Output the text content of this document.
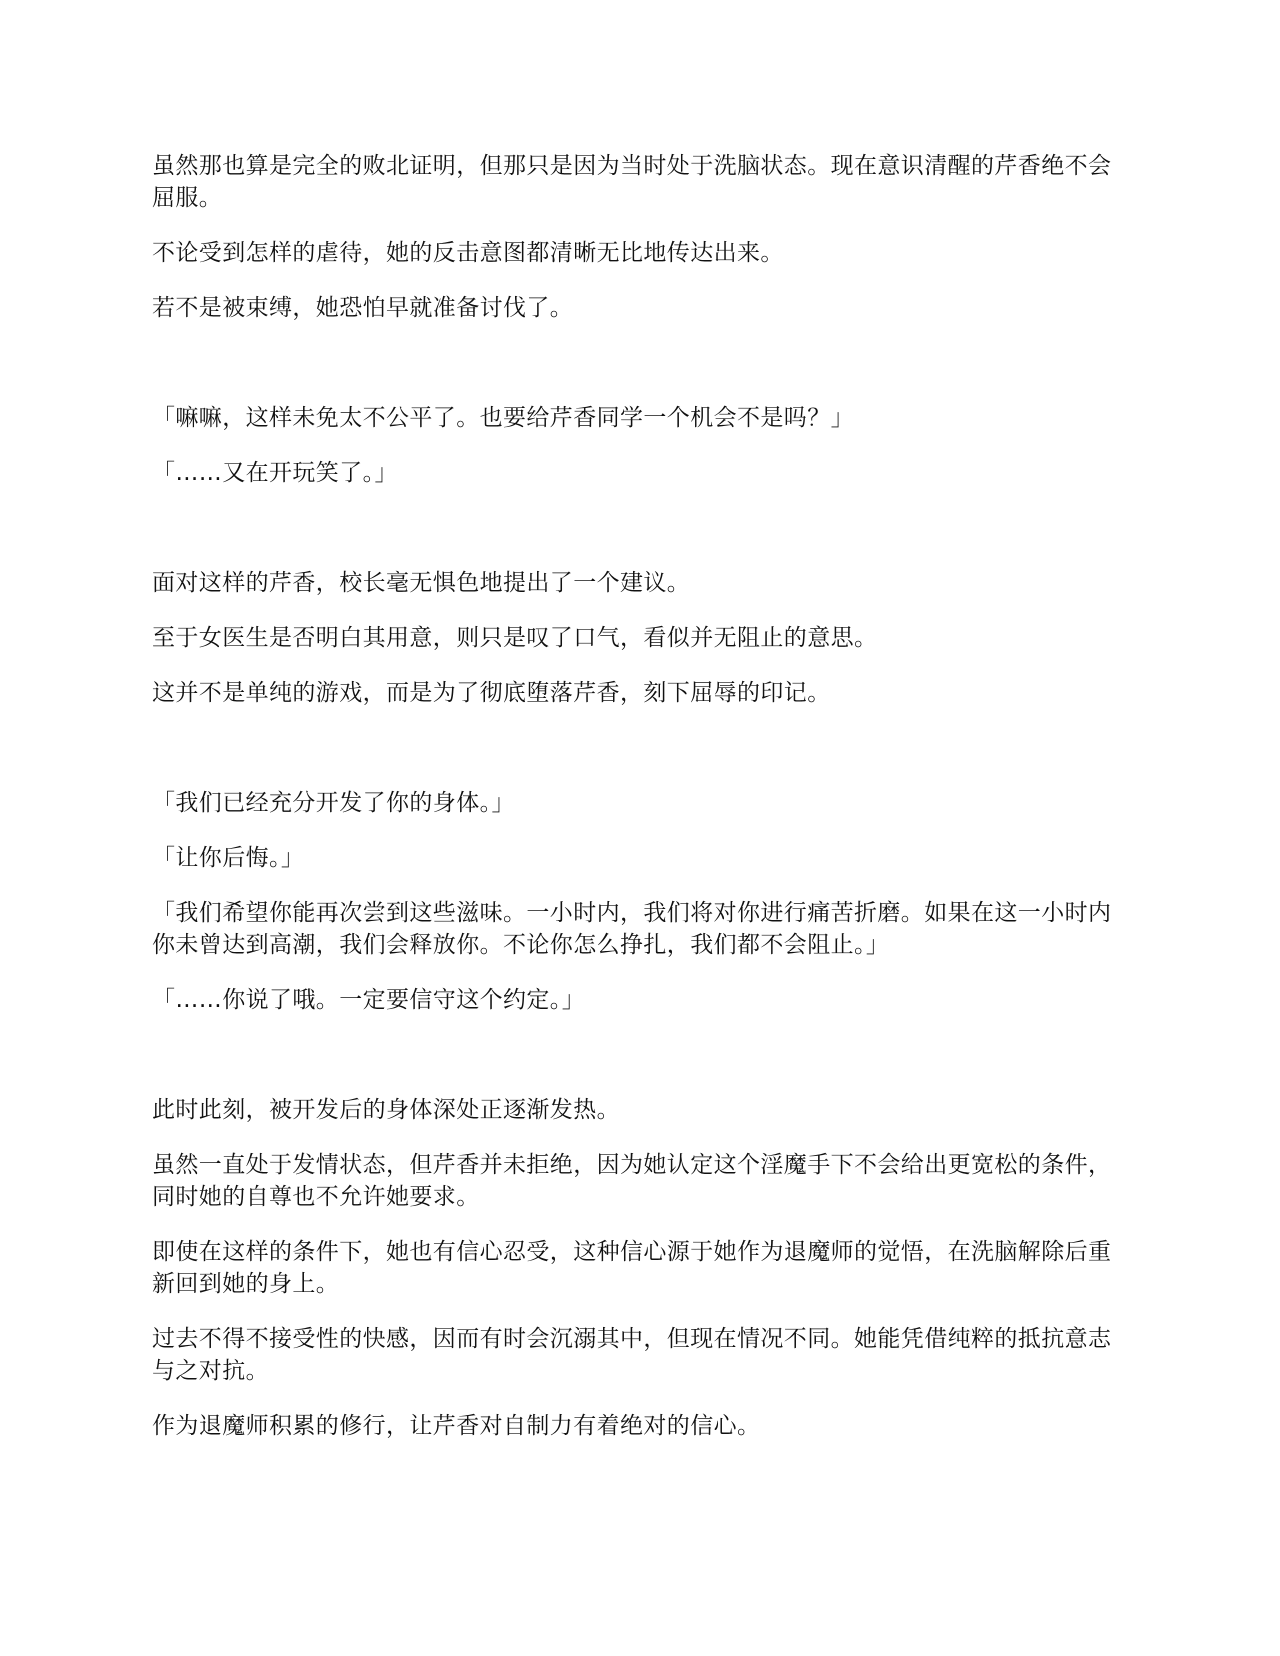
虽然那也算是完全的败北证明，但那只是因为当时处于洗脑状态。现在意识清醒的芹香绝不会屈服。

不论受到怎样的虐待，她的反击意图都清晰无比地传达出来。

若不是被束缚，她恐怕早就准备讨伐了。

「嘛嘛，这样未免太不公平了。也要给芹香同学一个机会不是吗？」

「……又在开玩笑了。」

面对这样的芹香，校长毫无惧色地提出了一个建议。

至于女医生是否明白其用意，则只是叹了口气，看似并无阻止的意思。

这并不是单纯的游戏，而是为了彻底堕落芹香，刻下屈辱的印记。

「我们已经充分开发了你的身体。」

「让你后悔。」

「我们希望你能再次尝到这些滋味。一小时内，我们将对你进行痛苦折磨。如果在这一小时内你未曾达到高潮，我们会释放你。不论你怎么挣扎，我们都不会阻止。」

「……你说了哦。一定要信守这个约定。」

此时此刻，被开发后的身体深处正逐渐发热。

虽然一直处于发情状态，但芹香并未拒绝，因为她认定这个淫魔手下不会给出更宽松的条件，同时她的自尊也不允许她要求。

即使在这样的条件下，她也有信心忍受，这种信心源于她作为退魔师的觉悟，在洗脑解除后重新回到她的身上。

过去不得不接受性的快感，因而有时会沉溺其中，但现在情况不同。她能凭借纯粹的抵抗意志与之对抗。

作为退魔师积累的修行，让芹香对自制力有着绝对的信心。
